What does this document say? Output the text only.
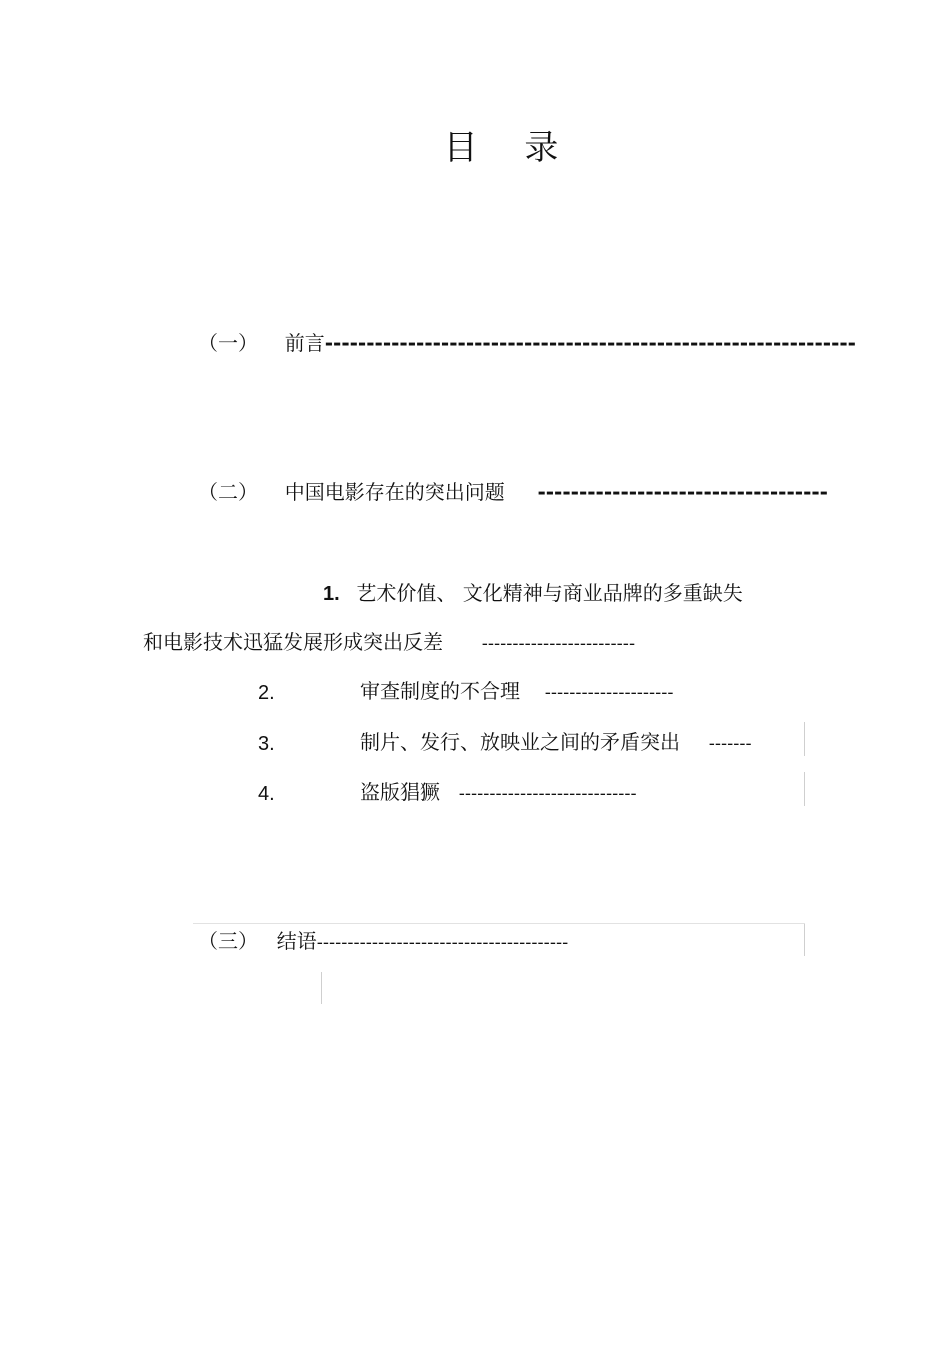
目 录
（一） 前言----------------------------------------------------------------
（二） 中国电影存在的突出问题 -----------------------------------
1. 艺术价值、 文化精神与商业品牌的多重缺失
和电影技术迅猛发展形成突出反差 -------------------------
2.	审查制度的不合理 ---------------------
3.	制片、发行、放映业之间的矛盾突出 -------
4.	盗版猖獗 -----------------------------
（三） 结语-----------------------------------------
